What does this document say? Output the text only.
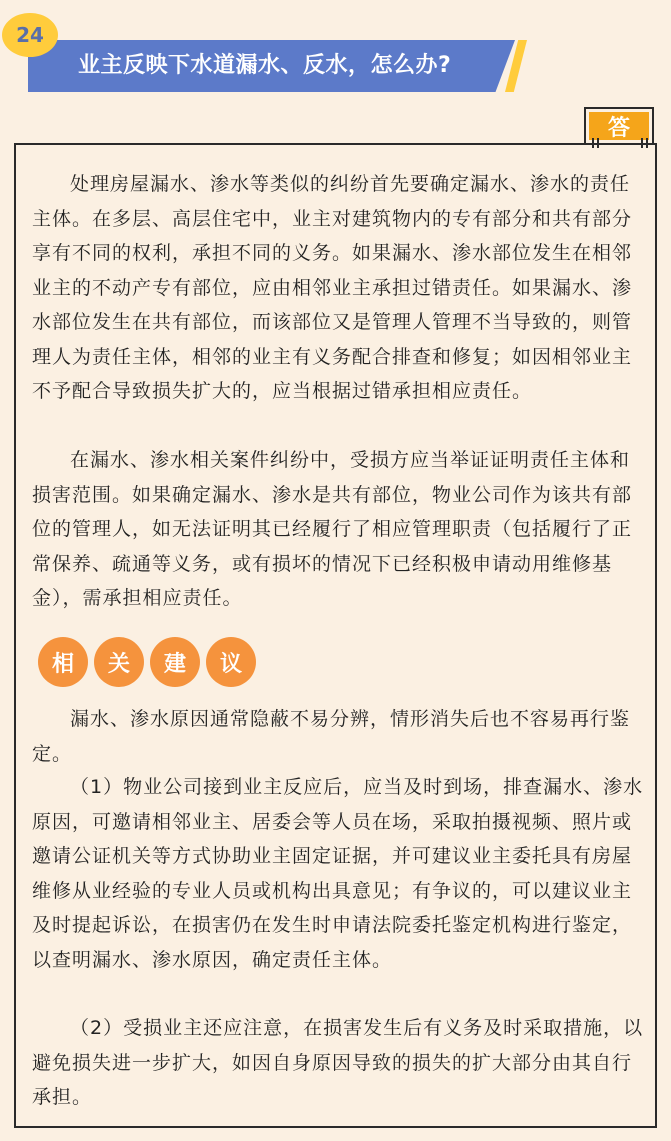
24
业主反映下水道漏水、反水，怎么办?
答

处理房屋漏水、渗水等类似的纠纷首先要确定漏水、渗水的责任主体。在多层、高层住宅中，业主对建筑物内的专有部分和共有部分享有不同的权利，承担不同的义务。如果漏水、渗水部位发生在相邻业主的不动产专有部位，应由相邻业主承担过错责任。如果漏水、渗水部位发生在共有部位，而该部位又是管理人管理不当导致的，则管理人为责任主体，相邻的业主有义务配合排查和修复；如因相邻业主不予配合导致损失扩大的，应当根据过错承担相应责任。

在漏水、渗水相关案件纠纷中，受损方应当举证证明责任主体和损害范围。如果确定漏水、渗水是共有部位，物业公司作为该共有部位的管理人，如无法证明其已经履行了相应管理职责（包括履行了正常保养、疏通等义务，或有损坏的情况下已经积极申请动用维修基金），需承担相应责任。

相	关	建	议

漏水、渗水原因通常隐蔽不易分辨，情形消失后也不容易再行鉴定。

（1）物业公司接到业主反应后，应当及时到场，排查漏水、渗水原因，可邀请相邻业主、居委会等人员在场，采取拍摄视频、照片或邀请公证机关等方式协助业主固定证据，并可建议业主委托具有房屋维修从业经验的专业人员或机构出具意见；有争议的，可以建议业主及时提起诉讼，在损害仍在发生时申请法院委托鉴定机构进行鉴定，以查明漏水、渗水原因，确定责任主体。

（2）受损业主还应注意，在损害发生后有义务及时采取措施，以避免损失进一步扩大，如因自身原因导致的损失的扩大部分由其自行承担。
